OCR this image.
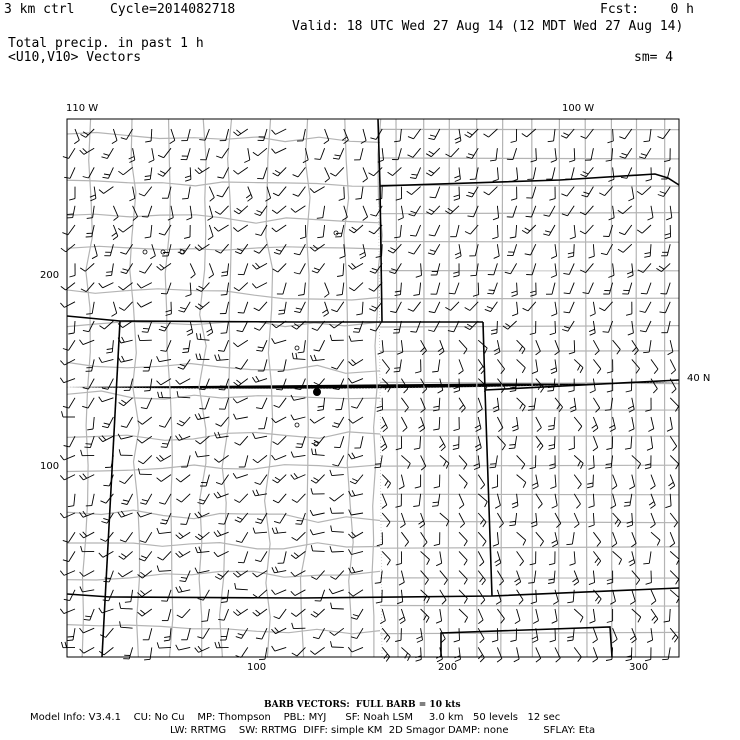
3 km ctrl	Cycle=2014082718	Fcst:    0 h
Valid: 18 UTC Wed 27 Aug 14 (12 MDT Wed 27 Aug 14)
Total precip. in past 1 h
<U10,V10> Vectors	sm= 4
110 W	100 W
40 N
200
100
100	200	300
BARB VECTORS:  FULL BARB = 10 kts
Model Info: V3.4.1    CU: No Cu    MP: Thompson    PBL: MYJ      SF: Noah LSM     3.0 km   50 levels   12 sec
LW: RRTMG    SW: RRTMG  DIFF: simple KM  2D Smagor DAMP: none           SFLAY: Eta
